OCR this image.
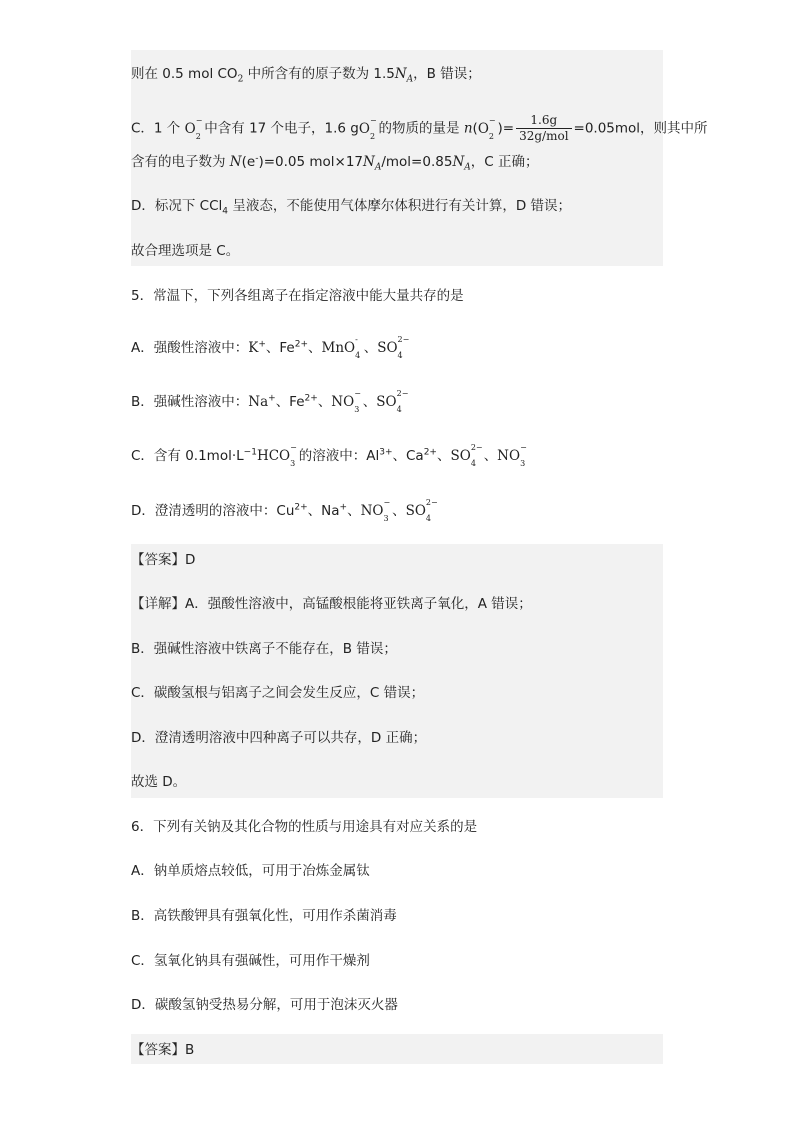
则在 0.5 mol $CO_2$ 中所含有的原子数为 $1.5N_A$，B 错误；
C．1 个 O
−
2 中含有 17 个电子，1.6 gO
−
2 的物质的量是 n(O
−
2 )= $\frac{1.6g}{\text{32g/mol}} =0.05mol$，则其中所
含有的电子数为 N(e-)=0.05 $mol\times 17N_A/mol=0.85N_A$，C 正确；
D．标况下 CCl$_4$ 呈液态，不能使用气体摩尔体积进行有关计算，D 错误；
故合理选项是 C。
5．常温下，下列各组离子在指定溶液中能大量共存的是
A．强酸性溶液中：K+、$Fe^{2+}$、MnO 4
-
、SO 4
2−
B．强碱性溶液中：Na+、$Fe^{2+}$、NO 3
−
、SO 4
2−
C．含有 $0.1mol\cdot L^{-1}HCO$ 3
−
的溶液中：$Al^{3+}$、$Ca^{2+}$、SO 4
2−
、NO 3
−
D．澄清透明的溶液中：$Cu^{2+}$、Na+、NO 3
−
、SO 4
2−
【答案】D
【详解】A．强酸性溶液中，高锰酸根能将亚铁离子氧化，A 错误；
B．强碱性溶液中铁离子不能存在，B 错误；
C．碳酸氢根与铝离子之间会发生反应，C 错误；
D．澄清透明溶液中四种离子可以共存，D 正确；
故选 D。
6．下列有关钠及其化合物的性质与用途具有对应关系的是
A．钠单质熔点较低，可用于冶炼金属钛
B．高铁酸钾具有强氧化性，可用作杀菌消毒
C．氢氧化钠具有强碱性，可用作干燥剂
D．碳酸氢钠受热易分解，可用于泡沫灭火器
【答案】B
